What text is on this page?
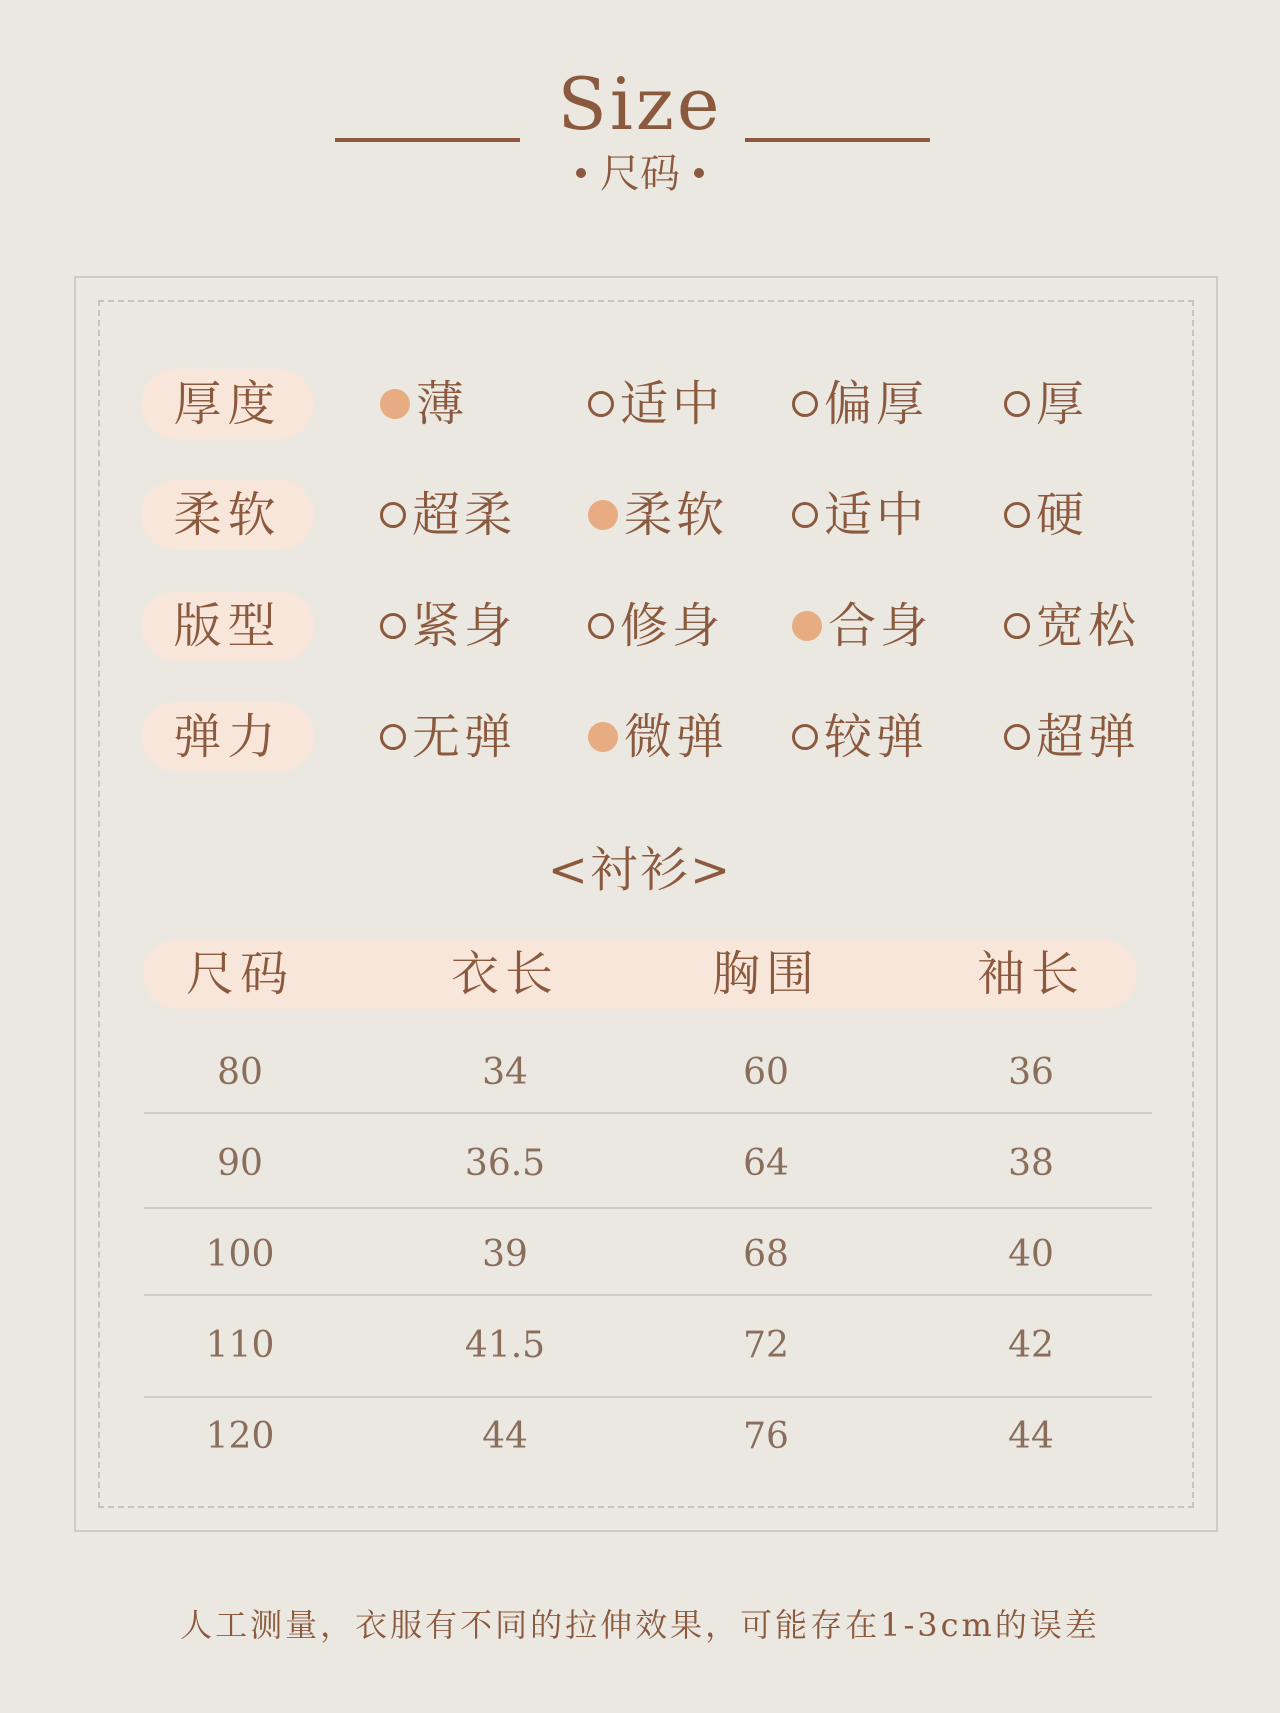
Size
尺码
厚度	薄	适中	偏厚	厚
柔软	超柔	柔软	适中	硬
版型	紧身	修身	合身	宽松
弹力	无弹	微弹	较弹	超弹
<衬衫>
尺码	衣长	胸围	袖长
80	34	60	36
90	36.5	64	38
100	39	68	40
110	41.5	72	42
120	44	76	44
人工测量，衣服有不同的拉伸效果，可能存在1-3cm的误差
